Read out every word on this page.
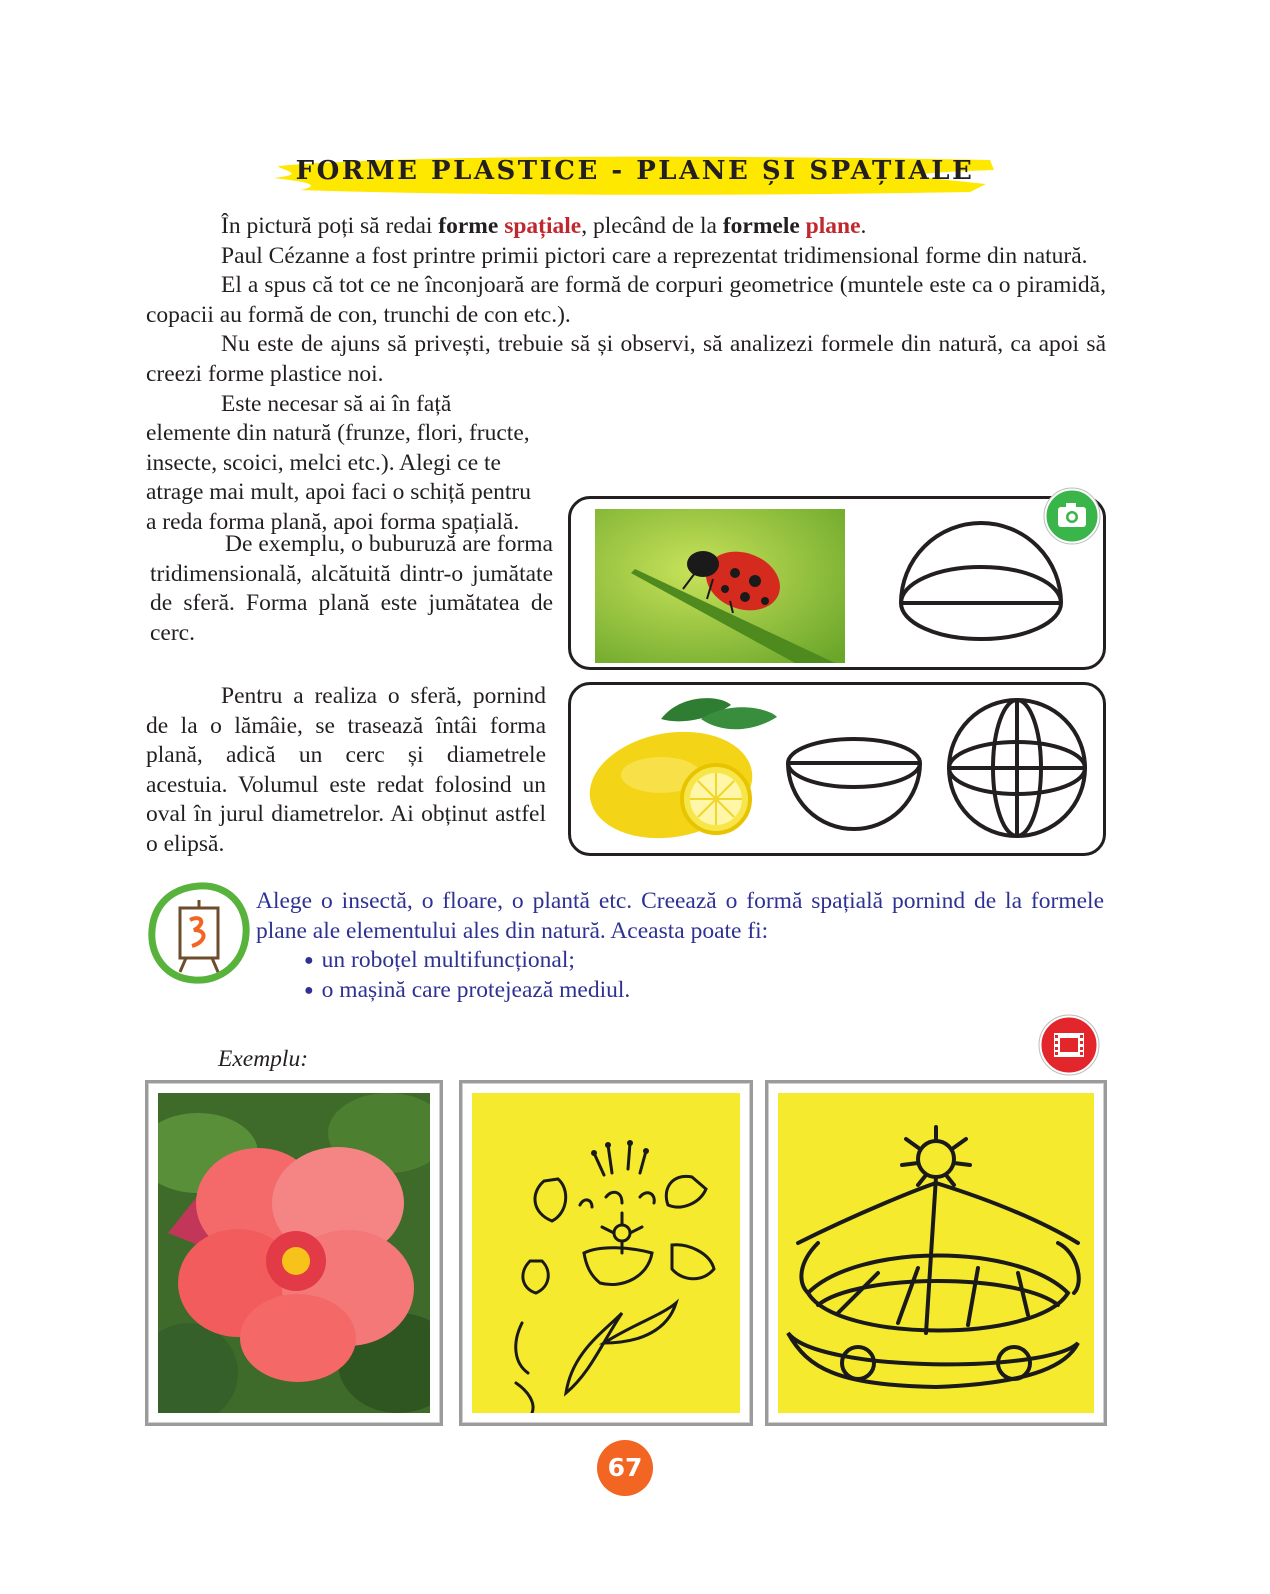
FORME PLASTICE - PLANE ȘI SPAȚIALE

În pictură poți să redai forme spațiale, plecând de la formele plane.

Paul Cézanne a fost printre primii pictori care a reprezentat tridimensional forme din natură.

El a spus că tot ce ne înconjoară are formă de corpuri geometrice (muntele este ca o piramidă, copacii au formă de con, trunchi de con etc.).

Nu este de ajuns să privești, trebuie să și observi, să analizezi formele din natură, ca apoi să creezi forme plastice noi.

Este necesar să ai în față elemente din natură (frunze, flori, fructe, insecte, scoici, melci etc.). Alegi ce te atrage mai mult, apoi faci o schiță pentru a reda forma plană, apoi forma spațială.

De exemplu, o buburuză are forma tridimensională, alcătuită dintr-o jumătate de sferă. Forma plană este jumătatea de cerc.

Pentru a realiza o sferă, pornind de la o lămâie, se trasează întâi forma plană, adică un cerc și diametrele acestuia. Volumul este redat folosind un oval în jurul diametrelor. Ai obținut astfel o elipsă.

Alege o insectă, o floare, o plantă etc. Creează o formă spațială pornind de la formele plane ale elementului ales din natură. Aceasta poate fi:

● un roboțel multifuncțional;
● o mașină care protejează mediul.
Exemplu:
67
